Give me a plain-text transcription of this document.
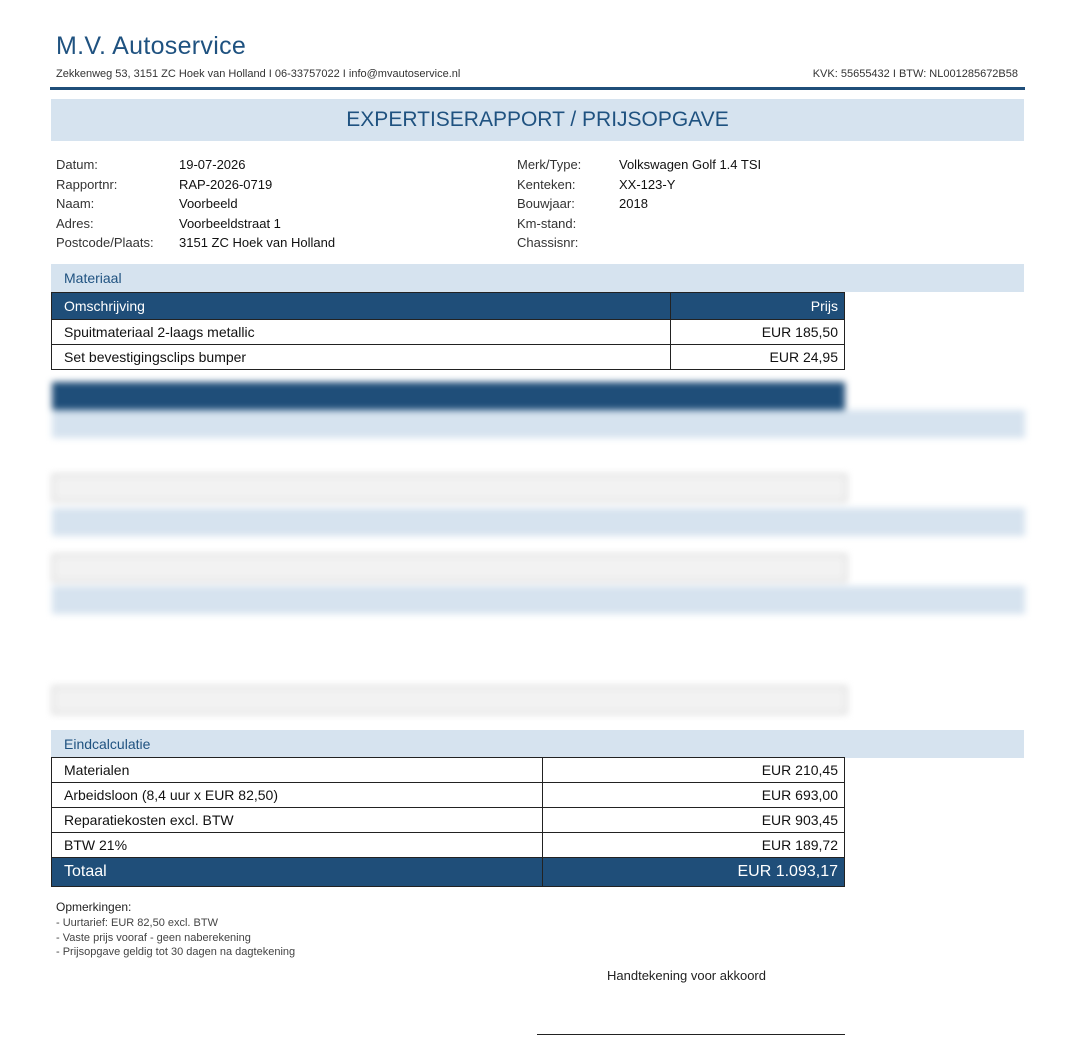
M.V. Autoservice
Zekkenweg 53, 3151 ZC Hoek van Holland I 06-33757022 I info@mvautoservice.nl	KVK: 55655432 I BTW: NL001285672B58
EXPERTISERAPPORT / PRIJSOPGAVE
Datum:	19-07-2026
Rapportnr:	RAP-2026-0719
Naam:	Voorbeeld
Adres:	Voorbeeldstraat 1
Postcode/Plaats: 3151 ZC Hoek van Holland
Merk/Type:	Volkswagen Golf 1.4 TSI
Kenteken:	XX-123-Y
Bouwjaar:	2018
Km-stand:
Chassisnr:
Materiaal
Omschrijving	Prijs
Spuitmateriaal 2-laags metallic	EUR 185,50
Set bevestigingsclips bumper	EUR 24,95
Eindcalculatie
Materialen	EUR 210,45
Arbeidsloon (8,4 uur x EUR 82,50)	EUR 693,00
Reparatiekosten excl. BTW	EUR 903,45
BTW 21%	EUR 189,72
Totaal	EUR 1.093,17
Opmerkingen:
- Uurtarief: EUR 82,50 excl. BTW
- Vaste prijs vooraf - geen naberekening
- Prijsopgave geldig tot 30 dagen na dagtekening
Handtekening voor akkoord
